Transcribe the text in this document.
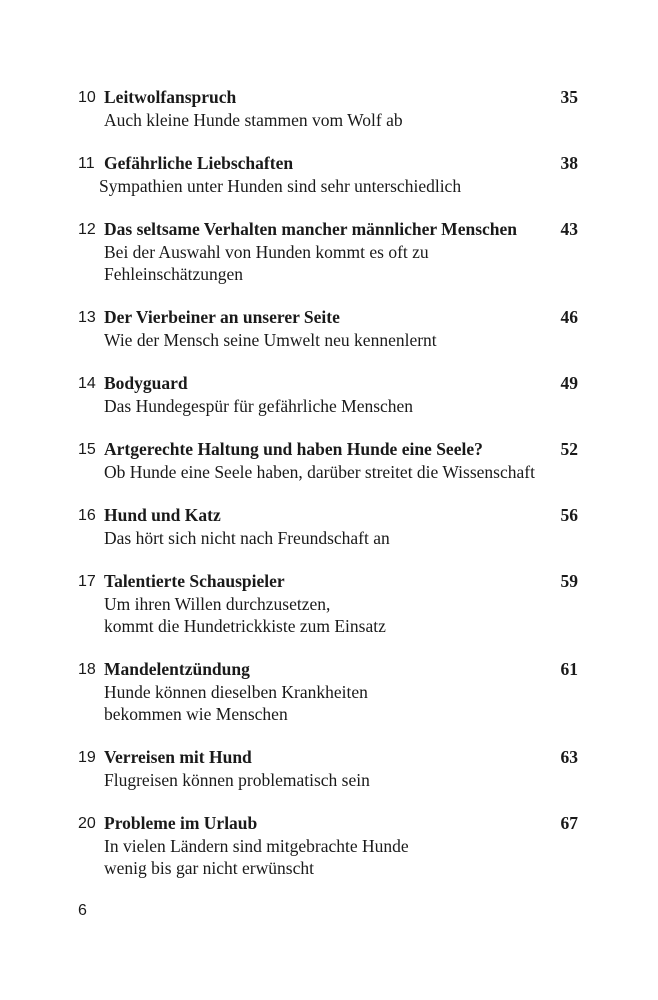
10 Leitwolfanspruch	35
Auch kleine Hunde stammen vom Wolf ab
11 Gefährliche Liebschaften	38
Sympathien unter Hunden sind sehr unterschiedlich
12 Das seltsame Verhalten mancher männlicher Menschen	43
Bei der Auswahl von Hunden kommt es oft zu
Fehleinschätzungen
13 Der Vierbeiner an unserer Seite	46
Wie der Mensch seine Umwelt neu kennenlernt
14 Bodyguard	49
Das Hundegespür für gefährliche Menschen
15 Artgerechte Haltung und haben Hunde eine Seele?	52
Ob Hunde eine Seele haben, darüber streitet die Wissenschaft
16 Hund und Katz	56
Das hört sich nicht nach Freundschaft an
17 Talentierte Schauspieler	59
Um ihren Willen durchzusetzen,
kommt die Hundetrickkiste zum Einsatz
18 Mandelentzündung	61
Hunde können dieselben Krankheiten
bekommen wie Menschen
19 Verreisen mit Hund	63
Flugreisen können problematisch sein
20 Probleme im Urlaub	67
In vielen Ländern sind mitgebrachte Hunde
wenig bis gar nicht erwünscht
6
